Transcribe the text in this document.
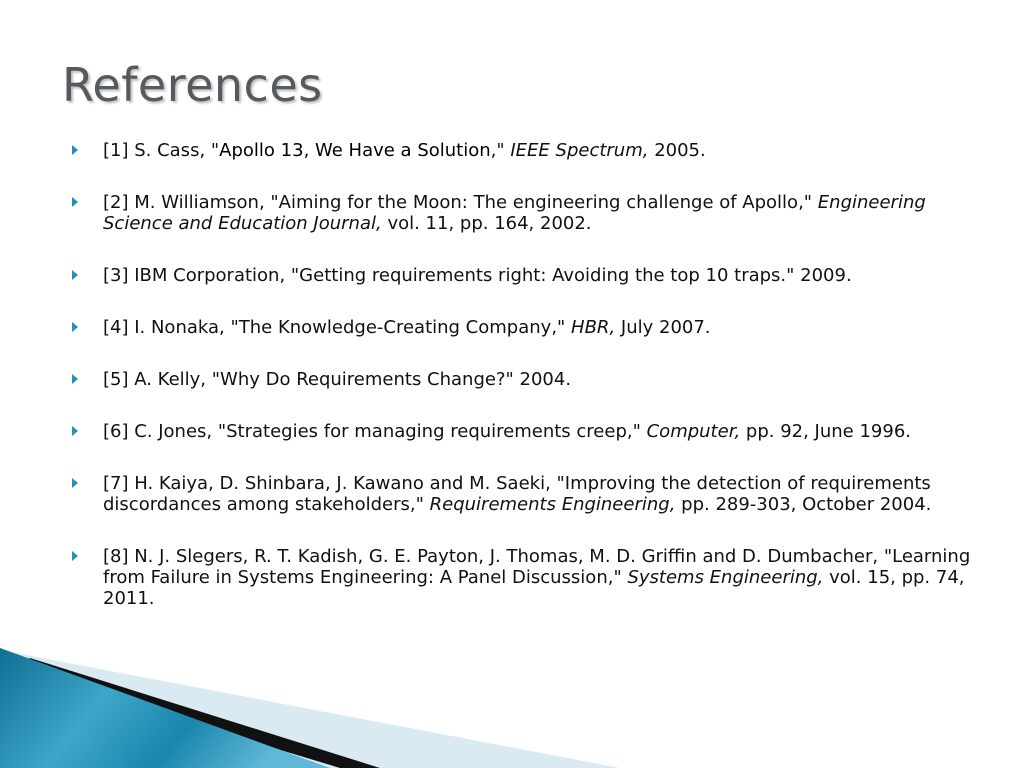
References
[1] S. Cass, "Apollo 13, We Have a Solution," IEEE Spectrum, 2005.
[2] M. Williamson, "Aiming for the Moon: The engineering challenge of Apollo," Engineering Science and Education Journal, vol. 11, pp. 164, 2002.
[3] IBM Corporation, "Getting requirements right: Avoiding the top 10 traps." 2009.
[4] I. Nonaka, "The Knowledge-Creating Company," HBR, July 2007.
[5] A. Kelly, "Why Do Requirements Change?" 2004.
[6] C. Jones, "Strategies for managing requirements creep," Computer, pp. 92, June 1996.
[7] H. Kaiya, D. Shinbara, J. Kawano and M. Saeki, "Improving the detection of requirements discordances among stakeholders," Requirements Engineering, pp. 289-303, October 2004.
[8] N. J. Slegers, R. T. Kadish, G. E. Payton, J. Thomas, M. D. Griffin and D. Dumbacher, "Learning from Failure in Systems Engineering: A Panel Discussion," Systems Engineering, vol. 15, pp. 74, 2011.
